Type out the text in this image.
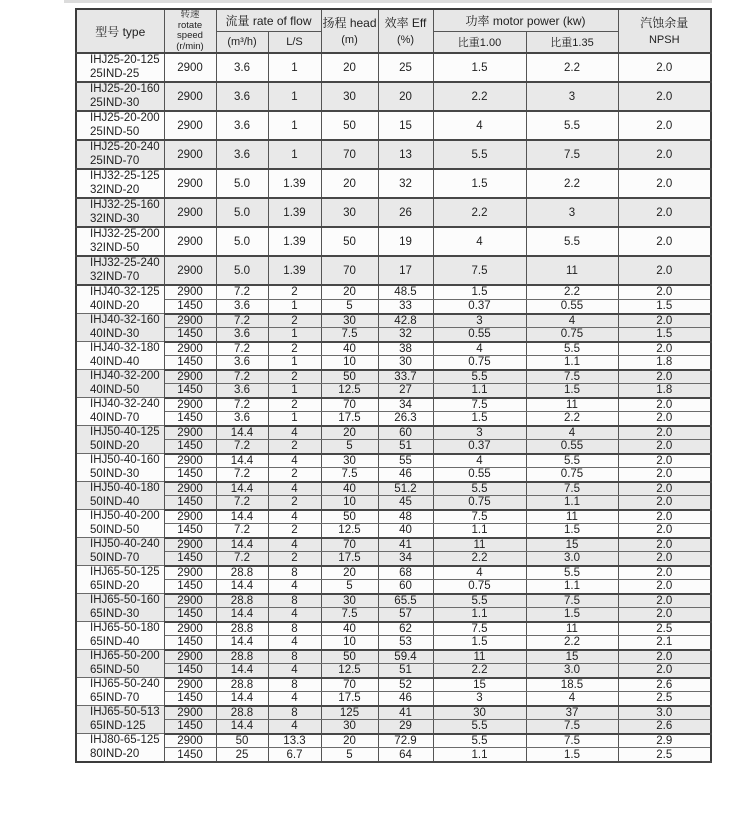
型号 type	转速
rotate speed
(r/min)	流量 rate of flow		扬程 head
(m)	效率 Eff
(%)	功率 motor power (kw)		汽蚀余量
NPSH

		(m³/h)	L/S			比重1.00	比重1.35	

IHJ25-20-125
25IND-25	2900	3.6	1	20	25	1.5	2.2	2.0

IHJ25-20-160
25IND-30	2900	3.6	1	30	20	2.2	3	2.0

IHJ25-20-200
25IND-50	2900	3.6	1	50	15	4	5.5	2.0

IHJ25-20-240
25IND-70	2900	3.6	1	70	13	5.5	7.5	2.0

IHJ32-25-125
32IND-20	2900	5.0	1.39	20	32	1.5	2.2	2.0

IHJ32-25-160
32IND-30	2900	5.0	1.39	30	26	2.2	3	2.0

IHJ32-25-200
32IND-50	2900	5.0	1.39	50	19	4	5.5	2.0

IHJ32-25-240
32IND-70	2900	5.0	1.39	70	17	7.5	11	2.0

IHJ40-32-125
40IND-20	2900	7.2	2	20	48.5	1.5	2.2	2.0
	1450	3.6	1	5	33	0.37	0.55	1.5

IHJ40-32-160
40IND-30	2900	7.2	2	30	42.8	3	4	2.0
	1450	3.6	1	7.5	32	0.55	0.75	1.5

IHJ40-32-180
40IND-40	2900	7.2	2	40	38	4	5.5	2.0
	1450	3.6	1	10	30	0.75	1.1	1.8

IHJ40-32-200
40IND-50	2900	7.2	2	50	33.7	5.5	7.5	2.0
	1450	3.6	1	12.5	27	1.1	1.5	1.8

IHJ40-32-240
40IND-70	2900	7.2	2	70	34	7.5	11	2.0
	1450	3.6	1	17.5	26.3	1.5	2.2	2.0

IHJ50-40-125
50IND-20	2900	14.4	4	20	60	3	4	2.0
	1450	7.2	2	5	51	0.37	0.55	2.0

IHJ50-40-160
50IND-30	2900	14.4	4	30	55	4	5.5	2.0
	1450	7.2	2	7.5	46	0.55	0.75	2.0

IHJ50-40-180
50IND-40	2900	14.4	4	40	51.2	5.5	7.5	2.0
	1450	7.2	2	10	45	0.75	1.1	2.0

IHJ50-40-200
50IND-50	2900	14.4	4	50	48	7.5	11	2.0
	1450	7.2	2	12.5	40	1.1	1.5	2.0

IHJ50-40-240
50IND-70	2900	14.4	4	70	41	11	15	2.0
	1450	7.2	2	17.5	34	2.2	3.0	2.0

IHJ65-50-125
65IND-20	2900	28.8	8	20	68	4	5.5	2.0
	1450	14.4	4	5	60	0.75	1.1	2.0

IHJ65-50-160
65IND-30	2900	28.8	8	30	65.5	5.5	7.5	2.0
	1450	14.4	4	7.5	57	1.1	1.5	2.0

IHJ65-50-180
65IND-40	2900	28.8	8	40	62	7.5	11	2.5
	1450	14.4	4	10	53	1.5	2.2	2.1

IHJ65-50-200
65IND-50	2900	28.8	8	50	59.4	11	15	2.0
	1450	14.4	4	12.5	51	2.2	3.0	2.0

IHJ65-50-240
65IND-70	2900	28.8	8	70	52	15	18.5	2.6
	1450	14.4	4	17.5	46	3	4	2.5

IHJ65-50-513
65IND-125	2900	28.8	8	125	41	30	37	3.0
	1450	14.4	4	30	29	5.5	7.5	2.6

IHJ80-65-125
80IND-20	2900	50	13.3	20	72.9	5.5	7.5	2.9
	1450	25	6.7	5	64	1.1	1.5	2.5
